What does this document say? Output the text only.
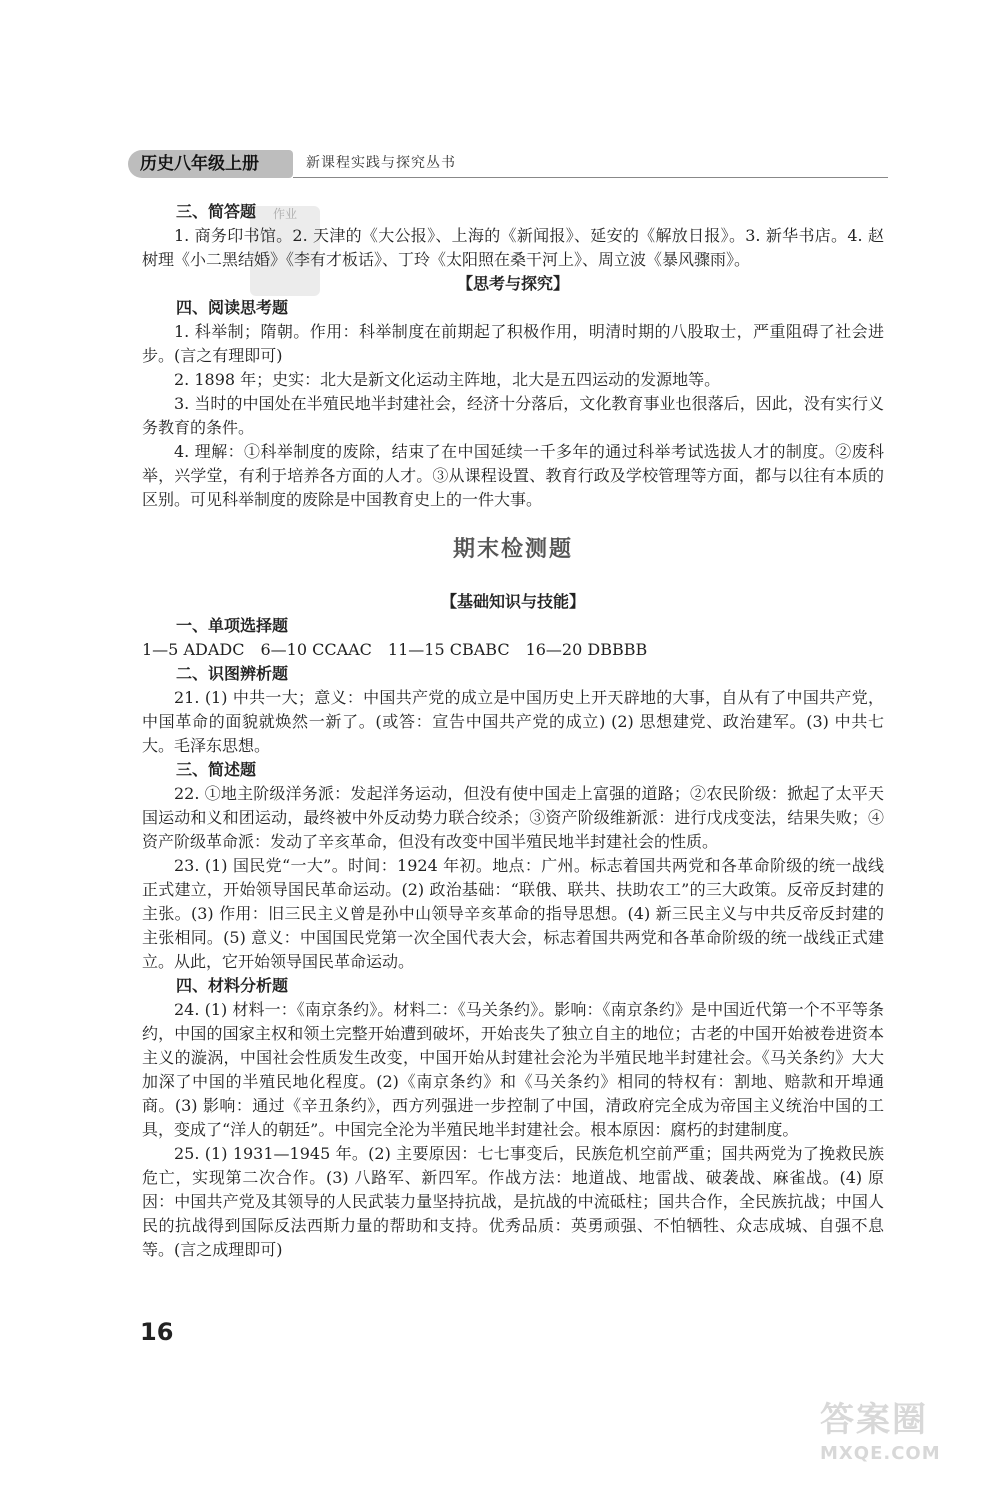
历史八年级上册	新课程实践与探究丛书
作业
三、简答题

1. 商务印书馆。2. 天津的《大公报》、上海的《新闻报》、延安的《解放日报》。3. 新华书店。4. 赵树理《小二黑结婚》《李有才板话》、丁玲《太阳照在桑干河上》、周立波《暴风骤雨》。

【思考与探究】

四、阅读思考题

1. 科举制；隋朝。作用：科举制度在前期起了积极作用，明清时期的八股取士，严重阻碍了社会进步。(言之有理即可)

2. 1898 年；史实：北大是新文化运动主阵地，北大是五四运动的发源地等。

3. 当时的中国处在半殖民地半封建社会，经济十分落后，文化教育事业也很落后，因此，没有实行义务教育的条件。

4. 理解：①科举制度的废除，结束了在中国延续一千多年的通过科举考试选拔人才的制度。②废科举，兴学堂，有利于培养各方面的人才。③从课程设置、教育行政及学校管理等方面，都与以往有本质的区别。可见科举制度的废除是中国教育史上的一件大事。

期末检测题

【基础知识与技能】

一、单项选择题

1—5 ADADC　6—10 CCAAC　11—15 CBABC　16—20 DBBBB

二、识图辨析题

21. (1) 中共一大；意义：中国共产党的成立是中国历史上开天辟地的大事，自从有了中国共产党，中国革命的面貌就焕然一新了。(或答：宣告中国共产党的成立) (2) 思想建党、政治建军。(3) 中共七大。毛泽东思想。

三、简述题

22. ①地主阶级洋务派：发起洋务运动，但没有使中国走上富强的道路；②农民阶级：掀起了太平天国运动和义和团运动，最终被中外反动势力联合绞杀；③资产阶级维新派：进行戊戌变法，结果失败；④资产阶级革命派：发动了辛亥革命，但没有改变中国半殖民地半封建社会的性质。

23. (1) 国民党“一大”。时间：1924 年初。地点：广州。标志着国共两党和各革命阶级的统一战线正式建立，开始领导国民革命运动。(2) 政治基础：“联俄、联共、扶助农工”的三大政策。反帝反封建的主张。(3) 作用：旧三民主义曾是孙中山领导辛亥革命的指导思想。(4) 新三民主义与中共反帝反封建的主张相同。(5) 意义：中国国民党第一次全国代表大会，标志着国共两党和各革命阶级的统一战线正式建立。从此，它开始领导国民革命运动。

四、材料分析题

24. (1) 材料一：《南京条约》。材料二：《马关条约》。影响：《南京条约》是中国近代第一个不平等条约，中国的国家主权和领土完整开始遭到破坏，开始丧失了独立自主的地位；古老的中国开始被卷进资本主义的漩涡，中国社会性质发生改变，中国开始从封建社会沦为半殖民地半封建社会。《马关条约》大大加深了中国的半殖民地化程度。(2)《南京条约》和《马关条约》相同的特权有：割地、赔款和开埠通商。(3) 影响：通过《辛丑条约》，西方列强进一步控制了中国，清政府完全成为帝国主义统治中国的工具，变成了“洋人的朝廷”。中国完全沦为半殖民地半封建社会。根本原因：腐朽的封建制度。

25. (1) 1931—1945 年。(2) 主要原因：七七事变后，民族危机空前严重；国共两党为了挽救民族危亡，实现第二次合作。(3) 八路军、新四军。作战方法：地道战、地雷战、破袭战、麻雀战。(4) 原因：中国共产党及其领导的人民武装力量坚持抗战，是抗战的中流砥柱；国共合作，全民族抗战；中国人民的抗战得到国际反法西斯力量的帮助和支持。优秀品质：英勇顽强、不怕牺牲、众志成城、自强不息等。(言之成理即可)

16
答案圈
MXQE.COM
